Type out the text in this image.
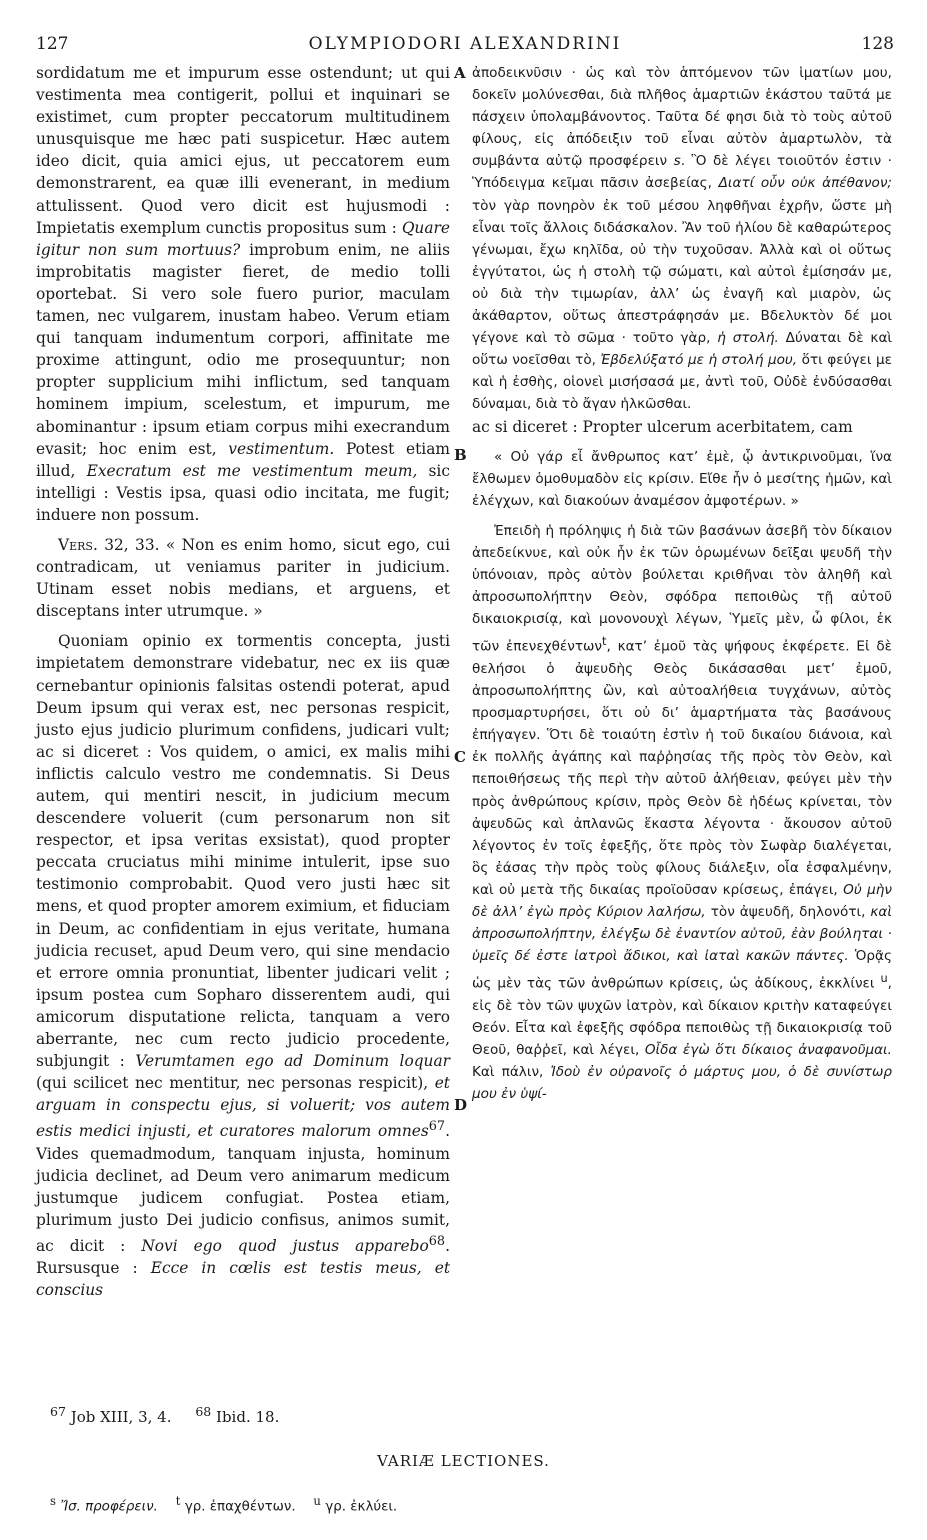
127	OLYMPIODORI ALEXANDRINI	128

sordidatum me et impurum esse ostendunt; ut qui vestimenta mea contigerit, pollui et inquinari se existimet, cum propter peccatorum multitudinem unusquisque me hæc pati suspicetur. Hæc autem ideo dicit, quia amici ejus, ut peccatorem eum demonstrarent, ea quæ illi evenerant, in medium attulissent. Quod vero dicit est hujusmodi : Impietatis exemplum cunctis propositus sum : Quare igitur non sum mortuus? improbum enim, ne aliis improbitatis magister fieret, de medio tolli oportebat. Si vero sole fuero purior, maculam tamen, nec vulgarem, inustam habeo. Verum etiam qui tanquam indumentum corpori, affinitate me proxime attingunt, odio me prosequuntur; non propter supplicium mihi inflictum, sed tanquam hominem impium, scelestum, et impurum, me abominantur : ipsum etiam corpus mihi execrandum evasit; hoc enim est, vestimentum. Potest etiam illud, Execratum est me vestimentum meum, sic intelligi : Vestis ipsa, quasi odio incitata, me fugit; induere non possum.

Vers. 32, 33. « Non es enim homo, sicut ego, cui contradicam, ut veniamus pariter in judicium. Utinam esset nobis medians, et arguens, et disceptans inter utrumque. »

Quoniam opinio ex tormentis concepta, justi impietatem demonstrare videbatur, nec ex iis quæ cernebantur opinionis falsitas ostendi poterat, apud Deum ipsum qui verax est, nec personas respicit, justo ejus judicio plurimum confidens, judicari vult; ac si diceret : Vos quidem, o amici, ex malis mihi inflictis calculo vestro me condemnatis. Si Deus autem, qui mentiri nescit, in judicium mecum descendere voluerit (cum personarum non sit respector, et ipsa veritas exsistat), quod propter peccata cruciatus mihi minime intulerit, ipse suo testimonio comprobabit. Quod vero justi hæc sit mens, et quod propter amorem eximium, et fiduciam in Deum, ac confidentiam in ejus veritate, humana judicia recuset, apud Deum vero, qui sine mendacio et errore omnia pronuntiat, libenter judicari velit ; ipsum postea cum Sopharo disserentem audi, qui amicorum disputatione relicta, tanquam a vero aberrante, nec cum recto judicio procedente, subjungit : Verumtamen ego ad Dominum loquar (qui scilicet nec mentitur, nec personas respicit), et arguam in conspectu ejus, si voluerit; vos autem estis medici injusti, et curatores malorum omnes$^{67}$. Vides quemadmodum, tanquam injusta, hominum judicia declinet, ad Deum vero animarum medicum justumque judicem confugiat. Postea etiam, plurimum justo Dei judicio confisus, animos sumit, ac dicit : Novi ego quod justus apparebo$^{68}$. Rursusque : Ecce in cœlis est testis meus, et conscius

A
B
C
D

ἀποδεικνῦσιν · ὡς καὶ τὸν ἁπτόμενον τῶν ἱματίων μου, δοκεῖν μολύνεσθαι, διὰ πλῆθος ἁμαρτιῶν ἑκάστου ταῦτά με πάσχειν ὑπολαμβάνοντος. Ταῦτα δέ φησι διὰ τὸ τοὺς αὐτοῦ φίλους, εἰς ἀπόδειξιν τοῦ εἶναι αὐτὸν ἁμαρτωλὸν, τὰ συμβάντα αὐτῷ προσφέρειν s. Ὃ δὲ λέγει τοιοῦτόν ἐστιν · Ὑπόδειγμα κεῖμαι πᾶσιν ἀσεβείας, Διατί οὖν οὐκ ἀπέθανον; τὸν γὰρ πονηρὸν ἐκ τοῦ μέσου ληφθῆναι ἐχρῆν, ὥστε μὴ εἶναι τοῖς ἄλλοις διδάσκαλον. Ἂν τοῦ ἡλίου δὲ καθαρώτερος γένωμαι, ἔχω κηλῖδα, οὐ τὴν τυχοῦσαν. Ἀλλὰ καὶ οἱ οὕτως ἐγγύτατοι, ὡς ἡ στολὴ τῷ σώματι, καὶ αὐτοὶ ἐμίσησάν με, οὐ διὰ τὴν τιμωρίαν, ἀλλ’ ὡς ἐναγῆ καὶ μιαρὸν, ὡς ἀκάθαρτον, οὕτως ἀπεστράφησάν με. Βδελυκτὸν δέ μοι γέγονε καὶ τὸ σῶμα · τοῦτο γὰρ, ἡ στολή. Δύναται δὲ καὶ οὕτω νοεῖσθαι τὸ, Ἐβδελύξατό με ἡ στολή μου, ὅτι φεύγει με καὶ ἡ ἐσθὴς, οἱονεὶ μισήσασά με, ἀντὶ τοῦ, Οὐδὲ ἐνδύσασθαι δύναμαι, διὰ τὸ ἄγαν ἡλκῶσθαι.

ac si diceret : Propter ulcerum acerbitatem, cam

« Οὐ γάρ εἶ ἄνθρωπος κατ’ ἐμὲ, ᾧ ἀντικρινοῦμαι, ἵνα ἔλθωμεν ὁμοθυμαδὸν εἰς κρίσιν. Εἴθε ἦν ὁ μεσίτης ἡμῶν, καὶ ἐλέγχων, καὶ διακούων ἀναμέσον ἀμφοτέρων. »

Ἐπειδὴ ἡ πρόληψις ἡ διὰ τῶν βασάνων ἀσεβῆ τὸν δίκαιον ἀπεδείκνυε, καὶ οὐκ ἦν ἐκ τῶν ὁρωμένων δεῖξαι ψευδῆ τὴν ὑπόνοιαν, πρὸς αὐτὸν βούλεται κριθῆναι τὸν ἀληθῆ καὶ ἀπροσωπολήπτην Θεὸν, σφόδρα πεποιθὼς τῇ αὐτοῦ δικαιοκρισίᾳ, καὶ μονονουχὶ λέγων, Ὑμεῖς μὲν, ὦ φίλοι, ἐκ τῶν ἐπενεχθέντων$^t$, κατ’ ἐμοῦ τὰς ψήφους ἐκφέρετε. Εἰ δὲ θελήσοι ὁ ἀψευδὴς Θεὸς δικάσασθαι μετ’ ἐμοῦ, ἀπροσωπολήπτης ὢν, καὶ αὐτοαλήθεια τυγχάνων, αὐτὸς προσμαρτυρήσει, ὅτι οὐ δι’ ἁμαρτήματα τὰς βασάνους ἐπήγαγεν. Ὅτι δὲ τοιαύτη ἐστὶν ἡ τοῦ δικαίου διάνοια, καὶ ἐκ πολλῆς ἀγάπης καὶ παῤῥησίας τῆς πρὸς τὸν Θεὸν, καὶ πεποιθήσεως τῆς περὶ τὴν αὐτοῦ ἀλήθειαν, φεύγει μὲν τὴν πρὸς ἀνθρώπους κρίσιν, πρὸς Θεὸν δὲ ἡδέως κρίνεται, τὸν ἀψευδῶς καὶ ἀπλανῶς ἕκαστα λέγοντα · ἄκουσον αὐτοῦ λέγοντος ἐν τοῖς ἐφεξῆς, ὅτε πρὸς τὸν Σωφὰρ διαλέγεται, ὃς ἐάσας τὴν πρὸς τοὺς φίλους διάλεξιν, οἷα ἐσφαλμένην, καὶ οὐ μετὰ τῆς δικαίας προϊοῦσαν κρίσεως, ἐπάγει, Οὐ μὴν δὲ ἀλλ’ ἐγὼ πρὸς Κύριον λαλήσω, τὸν ἀψευδῆ, δηλονότι, καὶ ἀπροσωπολήπτην, ἐλέγξω δὲ ἐναντίον αὐτοῦ, ἐὰν βούληται · ὑμεῖς δέ ἐστε ἰατροὶ ἄδικοι, καὶ ἰαταὶ κακῶν πάντες. Ὁρᾷς ὡς μὲν τὰς τῶν ἀνθρώπων κρίσεις, ὡς ἀδίκους, ἐκκλίνει $^u$, εἰς δὲ τὸν τῶν ψυχῶν ἰατρὸν, καὶ δίκαιον κριτὴν καταφεύγει Θεόν. Εἶτα καὶ ἐφεξῆς σφόδρα πεποιθὼς τῇ δικαιοκρισίᾳ τοῦ Θεοῦ, θαῤῥεῖ, καὶ λέγει, Οἶδα ἐγὼ ὅτι δίκαιος ἀναφανοῦμαι. Καὶ πάλιν, Ἰδοὺ ἐν οὐρανοῖς ὁ μάρτυς μου, ὁ δὲ συνίστωρ μου ἐν ὑψί-

$^{67}$ Job XIII, 3, 4. $^{68}$ Ibid. 18.
VARIÆ LECTIONES.
$^s$ Ἴσ. προφέρειν. $^t$ γρ. ἐπαχθέντων. $^u$ γρ. ἐκλύει.
